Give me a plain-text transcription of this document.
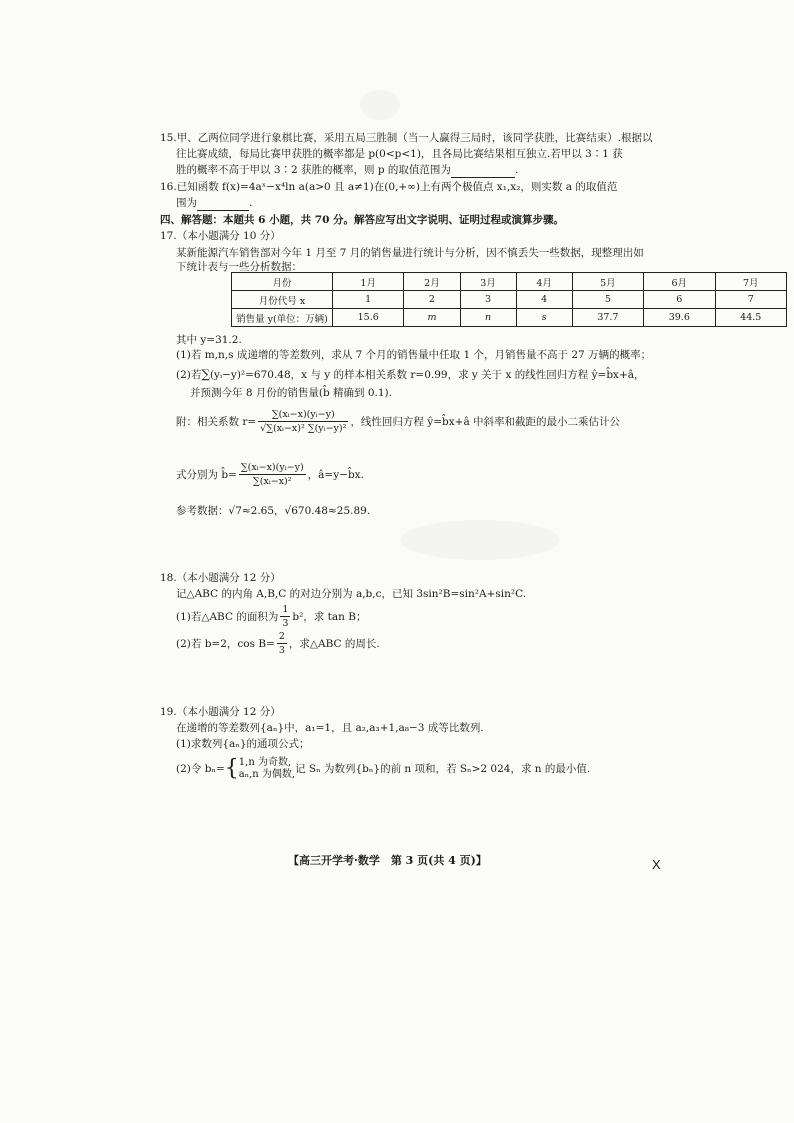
15.甲、乙两位同学进行象棋比赛，采用五局三胜制（当一人赢得三局时，该同学获胜，比赛结束）.根据以
往比赛成绩，每局比赛甲获胜的概率都是 p(0<p<1)，且各局比赛结果相互独立.若甲以 3∶1 获
胜的概率不高于甲以 3∶2 获胜的概率，则 p 的取值范围为	.
16.已知函数 f(x)=4aˣ−x⁴ln a(a>0 且 a≠1)在(0,+∞)上有两个极值点 x₁,x₂，则实数 a 的取值范
围为	.
四、解答题：本题共 6 小题，共 70 分。解答应写出文字说明、证明过程或演算步骤。
17.（本小题满分 10 分）
某新能源汽车销售部对今年 1 月至 7 月的销售量进行统计与分析，因不慎丢失一些数据，现整理出如
下统计表与一些分析数据：
月份	1月	2月	3月	4月	5月	6月	7月
月份代号 x	1	2	3	4	5	6	7
销售量 y(单位：万辆)	15.6	m	n	s	37.7	39.6	44.5
其中 y=31.2.
(1)若 m,n,s 成递增的等差数列，求从 7 个月的销售量中任取 1 个，月销售量不高于 27 万辆的概率；
(2)若∑(yᵢ−y)²=670.48，x 与 y 的样本相关系数 r=0.99，求 y 关于 x 的线性回归方程 ŷ=b̂x+â，
并预测今年 8 月份的销售量(b̂ 精确到 0.1).
附：相关系数 $r= \frac{\text{∑(xᵢ−x)(yᵢ−y)}}{\text{√∑(xᵢ−x)² ∑(yᵢ−y)²}}$ ，线性回归方程 ŷ=b̂x+â 中斜率和截距的最小二乘估计公
式分别为 b̂= $\frac{\text{∑(xᵢ−x)(yᵢ−y)}}{\text{∑(xᵢ−x)²}}$ ，â=y−b̂x.
参考数据：√7≈2.65，√670.48≈25.89.
18.（本小题满分 12 分）
记△ABC 的内角 A,B,C 的对边分别为 a,b,c，已知 3sin²B=sin²A+sin²C.
(1)若△ABC 的面积为 $\frac{1}{3} b^2$，求 tan B；
(2)若 b=2，$\cos B= \frac{2}{3}$ ，求△ABC 的周长.
19.（本小题满分 12 分）
在递增的等差数列{aₙ}中，a₁=1，且 a₂,a₃+1,a₈−3 成等比数列.
(1)求数列{aₙ}的通项公式；
(2)令 bₙ={ 1,n 为奇数,
aₙ,n 为偶数, 记 Sₙ 为数列{bₙ}的前 n 项和，若 Sₙ>2 024，求 n 的最小值.
【高三开学考·数学　第 3 页(共 4 页)】	X
